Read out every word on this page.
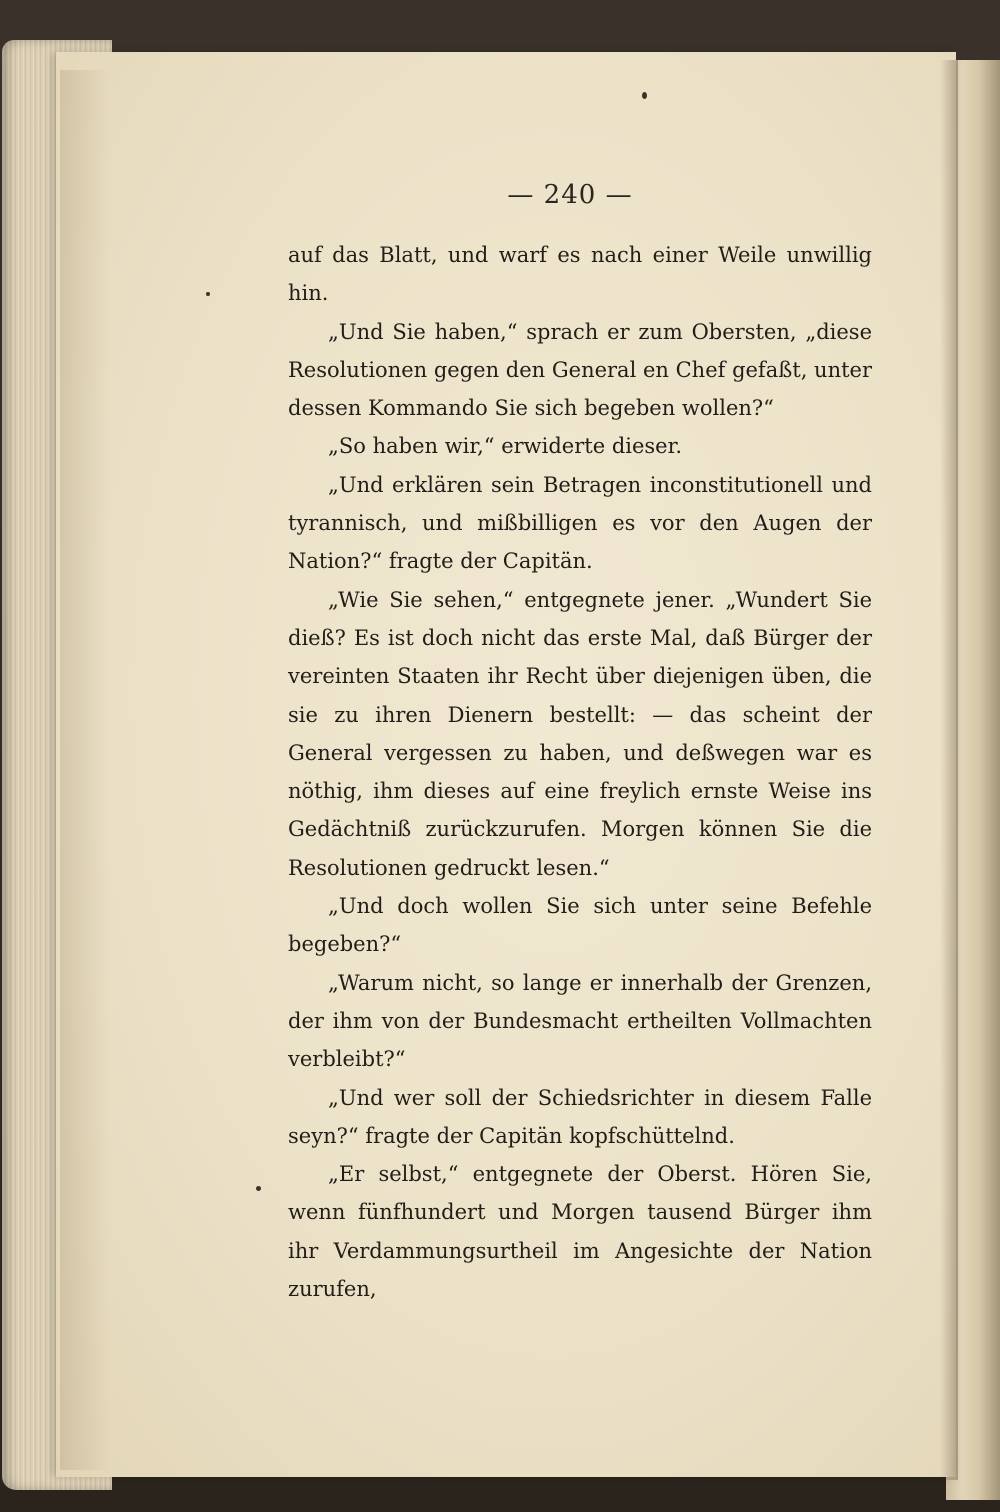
— 240 —

auf das Blatt, und warf es nach einer Weile unwillig hin.

„Und Sie haben,“ sprach er zum Obersten, „diese Resolutionen gegen den General en Chef gefaßt, unter dessen Kommando Sie sich begeben wollen?“

„So haben wir,“ erwiderte dieser.

„Und erklären sein Betragen inconstitutionell und tyrannisch, und mißbilligen es vor den Augen der Nation?“ fragte der Capitän.

„Wie Sie sehen,“ entgegnete jener. „Wundert Sie dieß? Es ist doch nicht das erste Mal, daß Bürger der vereinten Staaten ihr Recht über diejenigen üben, die sie zu ihren Dienern bestellt: — das scheint der General vergessen zu haben, und deßwegen war es nöthig, ihm dieses auf eine freylich ernste Weise ins Gedächtniß zurückzurufen. Morgen können Sie die Resolutionen gedruckt lesen.“

„Und doch wollen Sie sich unter seine Befehle begeben?“

„Warum nicht, so lange er innerhalb der Grenzen, der ihm von der Bundesmacht ertheilten Vollmachten verbleibt?“

„Und wer soll der Schiedsrichter in diesem Falle seyn?“ fragte der Capitän kopfschüttelnd.

„Er selbst,“ entgegnete der Oberst. Hören Sie, wenn fünfhundert und Morgen tausend Bürger ihm ihr Verdammungsurtheil im Angesichte der Nation zurufen,
